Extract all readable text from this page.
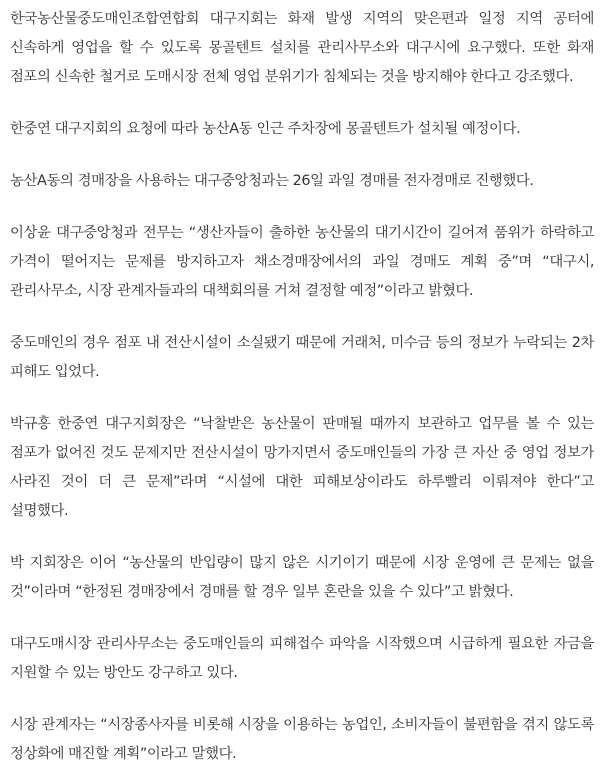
한국농산물중도매인조합연합회 대구지회는 화재 발생 지역의 맞은편과 일정 지역 공터에 신속하게 영업을 할 수 있도록 몽골텐트 설치를 관리사무소와 대구시에 요구했다. 또한 화재 점포의 신속한 철거로 도매시장 전체 영업 분위기가 침체되는 것을 방지해야 한다고 강조했다.

한중연 대구지회의 요청에 따라 농산A동 인근 주차장에 몽골텐트가 설치될 예정이다.

농산A동의 경매장을 사용하는 대구중앙청과는 26일 과일 경매를 전자경매로 진행했다.

이상윤 대구중앙청과 전무는 “생산자들이 출하한 농산물의 대기시간이 길어져 품위가 하락하고 가격이 떨어지는 문제를 방지하고자 채소경매장에서의 과일 경매도 계획 중”며 “대구시, 관리사무소, 시장 관계자들과의 대책회의를 거쳐 결정할 예정”이라고 밝혔다.

중도매인의 경우 점포 내 전산시설이 소실됐기 때문에 거래처, 미수금 등의 정보가 누락되는 2차 피해도 입었다.

박규홍 한중연 대구지회장은 “낙찰받은 농산물이 판매될 때까지 보관하고 업무를 볼 수 있는 점포가 없어진 것도 문제지만 전산시설이 망가지면서 중도매인들의 가장 큰 자산 중 영업 정보가 사라진 것이 더 큰 문제”라며 “시설에 대한 피해보상이라도 하루빨리 이뤄져야 한다”고 설명했다.

박 지회장은 이어 “농산물의 반입량이 많지 않은 시기이기 때문에 시장 운영에 큰 문제는 없을 것”이라며 “한정된 경매장에서 경매를 할 경우 일부 혼란을 있을 수 있다”고 밝혔다.

대구도매시장 관리사무소는 중도매인들의 피해접수 파악을 시작했으며 시급하게 필요한 자금을 지원할 수 있는 방안도 강구하고 있다.

시장 관계자는 “시장종사자를 비롯해 시장을 이용하는 농업인, 소비자들이 불편함을 겪지 않도록 정상화에 매진할 계획”이라고 말했다.
